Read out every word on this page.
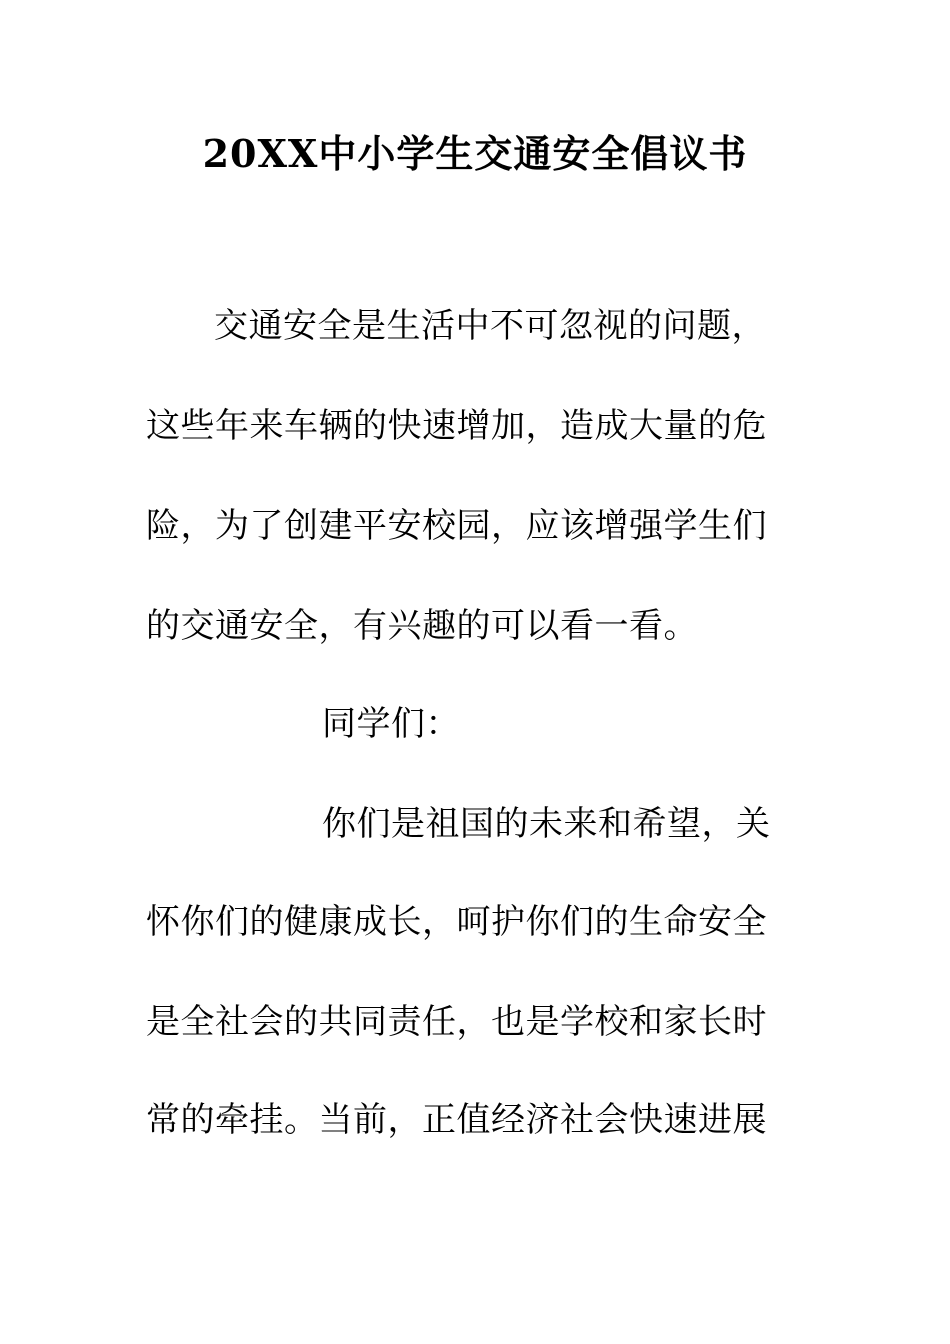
20XX中小学生交通安全倡议书
交通安全是生活中不可忽视的问题，
这些年来车辆的快速增加，造成大量的危
险，为了创建平安校园，应该增强学生们
的交通安全，有兴趣的可以看一看。
同学们：
你们是祖国的未来和希望，关
怀你们的健康成长，呵护你们的生命安全
是全社会的共同责任，也是学校和家长时
常的牵挂。当前，正值经济社会快速进展
